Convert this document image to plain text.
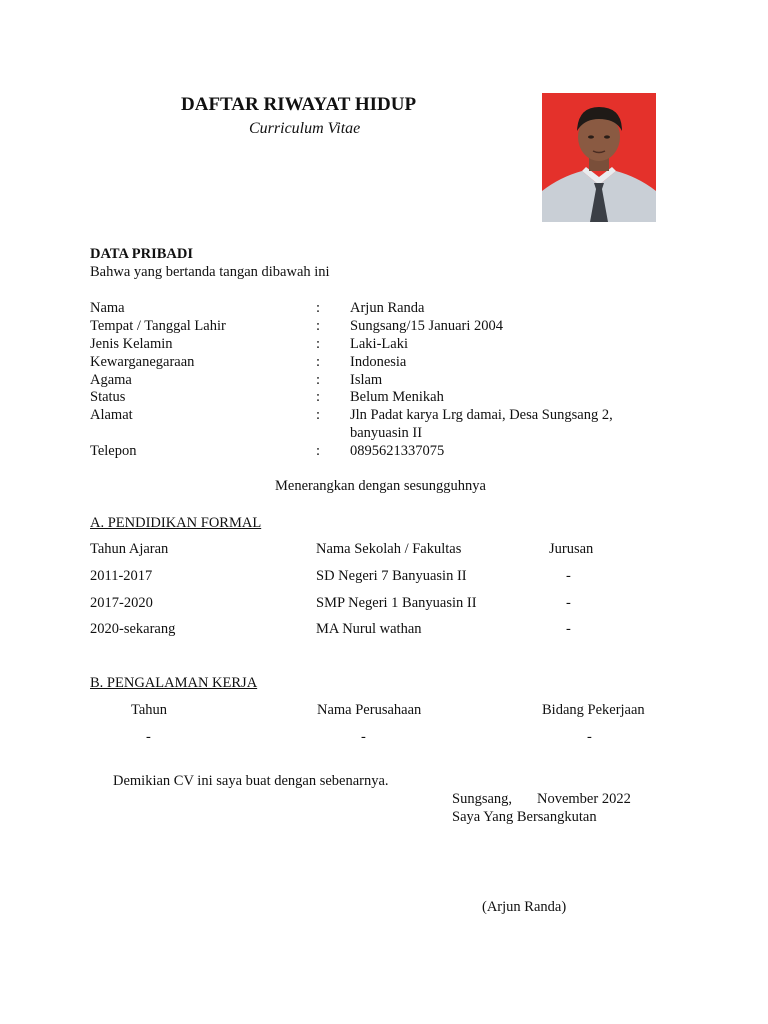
DAFTAR RIWAYAT HIDUP
Curriculum Vitae
DATA PRIBADI
Bahwa yang bertanda tangan dibawah ini
Nama	: Arjun Randa
Tempat / Tanggal Lahir	: Sungsang/15 Januari 2004
Jenis Kelamin	: Laki-Laki
Kewarganegaraan	: Indonesia
Agama	: Islam
Status	: Belum Menikah
Alamat	: Jln Padat karya Lrg damai, Desa Sungsang 2,
banyuasin II
Telepon	: 0895621337075
Menerangkan dengan sesungguhnya
A. PENDIDIKAN FORMAL
Tahun Ajaran	Nama Sekolah / Fakultas	Jurusan
2011-2017	SD Negeri 7 Banyuasin II	-
2017-2020	SMP Negeri 1 Banyuasin II	-
2020-sekarang	MA Nurul wathan	-
B. PENGALAMAN KERJA
Tahun	Nama Perusahaan	Bidang Pekerjaan
-	-	-
Demikian CV ini saya buat dengan sebenarnya.
Sungsang, November 2022
Saya Yang Bersangkutan
(Arjun Randa)
